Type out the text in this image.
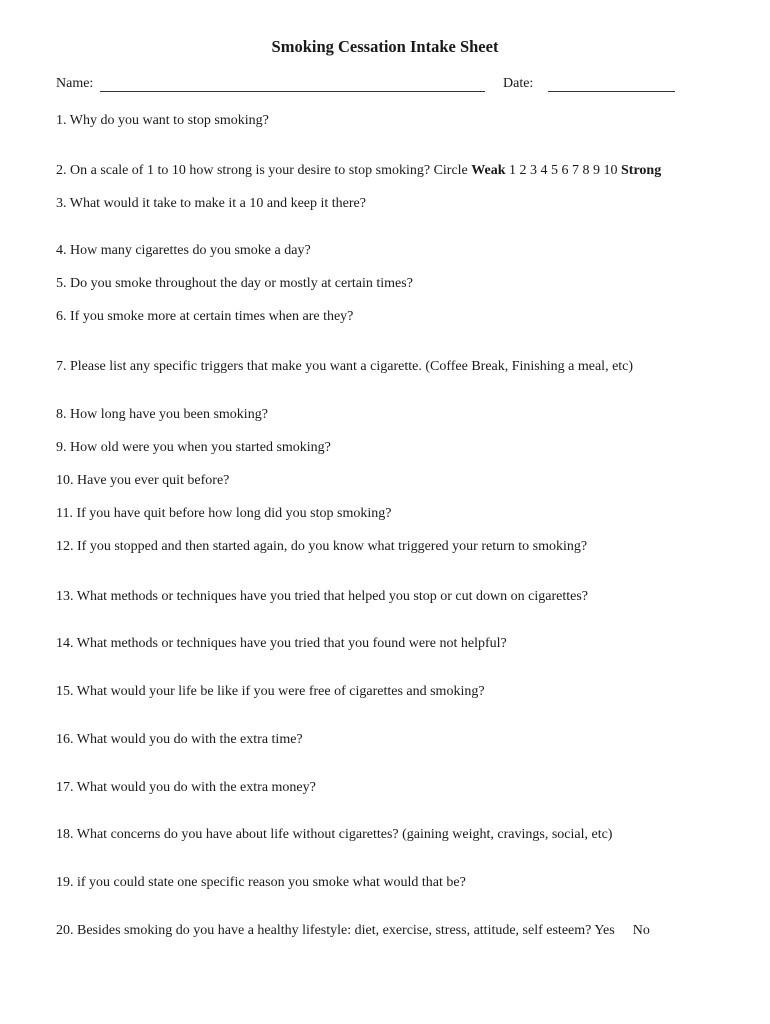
Smoking Cessation Intake Sheet
Name:	Date:
1. Why do you want to stop smoking?
2. On a scale of 1 to 10 how strong is your desire to stop smoking? Circle Weak 1 2 3 4 5 6 7 8 9 10 Strong
3. What would it take to make it a 10 and keep it there?
4. How many cigarettes do you smoke a day?
5. Do you smoke throughout the day or mostly at certain times?
6. If you smoke more at certain times when are they?
7. Please list any specific triggers that make you want a cigarette. (Coffee Break, Finishing a meal, etc)
8. How long have you been smoking?
9. How old were you when you started smoking?
10. Have you ever quit before?
11. If you have quit before how long did you stop smoking?
12. If you stopped and then started again, do you know what triggered your return to smoking?
13. What methods or techniques have you tried that helped you stop or cut down on cigarettes?
14. What methods or techniques have you tried that you found were not helpful?
15. What would your life be like if you were free of cigarettes and smoking?
16. What would you do with the extra time?
17. What would you do with the extra money?
18. What concerns do you have about life without cigarettes? (gaining weight, cravings, social, etc)
19. if you could state one specific reason you smoke what would that be?
20. Besides smoking do you have a healthy lifestyle: diet, exercise, stress, attitude, self esteem? Yes No
